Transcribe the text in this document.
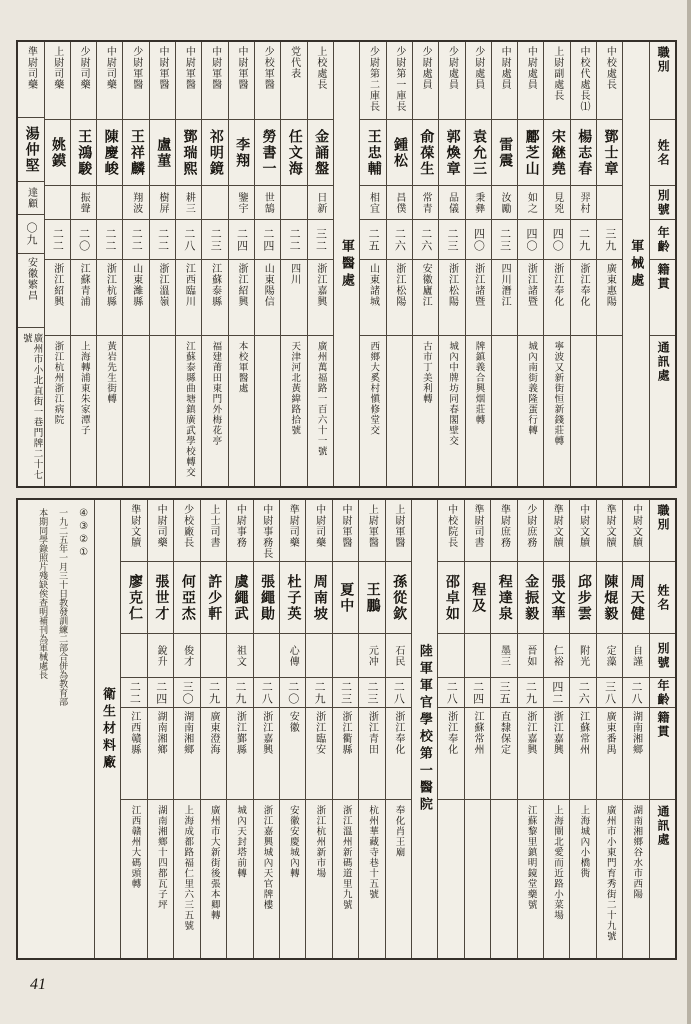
職別
姓名
別號
年齡
籍貫
通訊處
軍械處
中校處長
鄧士章
三九
廣東惠陽
中校代處長⑴
楊志春
羿村
二九
浙江奉化
上尉副處長
宋継堯
見兇
四〇
浙江奉化
寧波又新街恒新錢莊轉
中尉處員
酈芝山
如之
四〇
浙江諸暨
城內南街義隆蛋行轉
中尉處員
雷震
汝勵
二三
四川潛江
少尉處員
袁允三
秉彝
四〇
浙江諸暨
牌鎮義合興烟莊轉
少尉處員
郭煥章
品儀
二三
浙江松陽
城內中牌坊同春閣壁交
少尉處員
俞葆生
常青
二六
安徽廬江
古市丁美利轉
少尉第一庫長
鍾松
昌僕
二六
浙江松陽
少尉第二庫長
王忠輔
相宜
二五
山東諸城
西鄉大奚村愼修堂交
軍醫處
上校處長
金誦盤
日新
三二
浙江嘉興
廣州萬福路一百六十一號
党代表
任文海
二二
四川
天津河北黃緯路拾號
少校軍醫
勞書一
世鵠
二四
山東陽信
中尉軍醫
李翔
鑒宇
二四
浙江紹興
本校軍醫處
中尉軍醫
祁明鏡
二三
江蘇泰縣
福建莆田東門外梅花亭
中尉軍醫
鄧瑞熙
耕三
二八
江西臨川
江蘇泰縣曲塘鎮廣武學校轉交
中尉軍醫
盧菫
樹屏
二二
浙江溫嶺
少尉軍醫
王祥麟
翔波
二二
山東濰縣
中尉司藥
陳慶峻
二二
浙江杭縣
黃岩先生街轉
少尉司藥
王鴻駿
振聲
二〇
江蘇青浦
上海轉浦東朱家潭子
上尉司藥
姚鏌
二二
浙江紹興
浙江杭州浙江病院
準尉司藥
湯仲堅
達顧
〇九
安徽繁昌
廣州市小北直街一巷門牌二十七號
職別
姓名
別號
年齡
籍貫
通訊處
中尉文牘
周天健
自謹
二八
湖南湘鄉
湖南湘鄉谷水市西陽
準尉文牘
陳焜毅
定藻
三八
廣東番禺
廣州市小東門育秀街二十九號
中尉文牘
邱步雲
附光
二六
江蘇常州
上海城內小橋衖
準尉文牘
張文華
仁裕
四二
浙江嘉興
上海閘北愛而近路小菜場
少尉庶務
金振毅
晉如
二九
浙江嘉興
江蘇黎里鎮明鏡堂藥號
準尉庶務
程達泉
墨三
三五
直隸保定
準尉司書
程及
二四
江蘇常州
中校院長
邵卓如
二八
浙江奉化
陸軍軍官學校第一醫院
上尉軍醫
孫從欽
石民
二八
浙江奉化
奉化肖王廟
上尉軍醫
王鵬
元冲
二三
浙江青田
杭州華藏寺巷十五號
中尉軍醫
夏中
二三
浙江衢縣
浙江溫州新碼道里九號
中尉司藥
周南坡
二九
浙江臨安
浙江杭州新市場
準尉司藥
杜子英
心傳
二〇
安徽
安徽安慶城內轉
中尉事務長
張繩勛
二八
浙江嘉興
浙江嘉興城內天官牌樓
中尉事務
虞繩武
祖文
二九
浙江鄞縣
城內天封塔前轉
上士司書
許少軒
二九
廣東澄海
廣州市大新街後張本卿轉
少校廠長
何亞杰
俊才
三〇
湖南湘鄉
上海成都路福仁里六三五號
中尉司藥
張世才
銳升
二四
湖南湘鄉
湖南湘鄉十四都瓦子坪
準尉文牘
廖克仁
二二
江西贛縣
江西贛州大碼頭轉
衛生材料廠
④③②①
一九二五年一月三十日教發訓練二部合併為教育部
本期同學錄照片殘缺俟查明補刊為軍械處長
41
